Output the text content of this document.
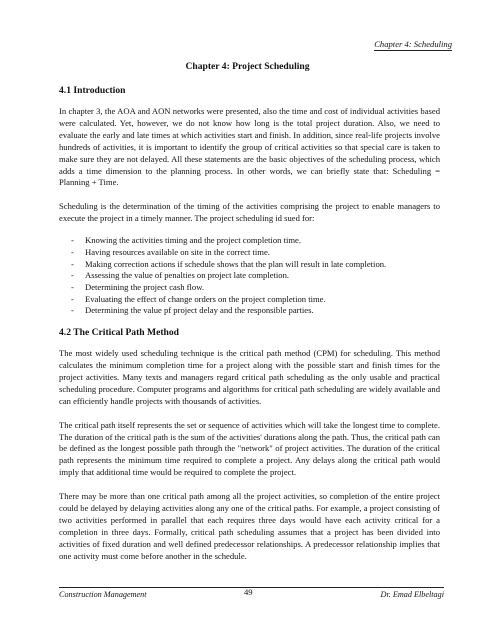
Chapter 4: Scheduling
Chapter 4: Project Scheduling
4.1 Introduction

In chapter 3, the AOA and AON networks were presented, also the time and cost of individual activities based were calculated. Yet, however, we do not know how long is the total project duration. Also, we need to evaluate the early and late times at which activities start and finish. In addition, since real-life projects involve hundreds of activities, it is important to identify the group of critical activities so that special care is taken to make sure they are not delayed. All these statements are the basic objectives of the scheduling process, which adds a time dimension to the planning process. In other words, we can briefly state that: Scheduling = Planning + Time.

Scheduling is the determination of the timing of the activities comprising the project to enable managers to execute the project in a timely manner. The project scheduling id sued for:

- Knowing the activities timing and the project completion time.
- Having resources available on site in the correct time.
- Making correction actions if schedule shows that the plan will result in late completion.
- Assessing the value of penalties on project late completion.
- Determining the project cash flow.
- Evaluating the effect of change orders on the project completion time.
- Determining the value pf project delay and the responsible parties.
4.2 The Critical Path Method

The most widely used scheduling technique is the critical path method (CPM) for scheduling. This method calculates the minimum completion time for a project along with the possible start and finish times for the project activities. Many texts and managers regard critical path scheduling as the only usable and practical scheduling procedure. Computer programs and algorithms for critical path scheduling are widely available and can efficiently handle projects with thousands of activities.

The critical path itself represents the set or sequence of activities which will take the longest time to complete. The duration of the critical path is the sum of the activities' durations along the path. Thus, the critical path can be defined as the longest possible path through the "network" of project activities. The duration of the critical path represents the minimum time required to complete a project. Any delays along the critical path would imply that additional time would be required to complete the project.

There may be more than one critical path among all the project activities, so completion of the entire project could be delayed by delaying activities along any one of the critical paths. For example, a project consisting of two activities performed in parallel that each requires three days would have each activity critical for a completion in three days. Formally, critical path scheduling assumes that a project has been divided into activities of fixed duration and well defined predecessor relationships. A predecessor relationship implies that one activity must come before another in the schedule.

Construction Management	49	Dr. Emad Elbeltagi
